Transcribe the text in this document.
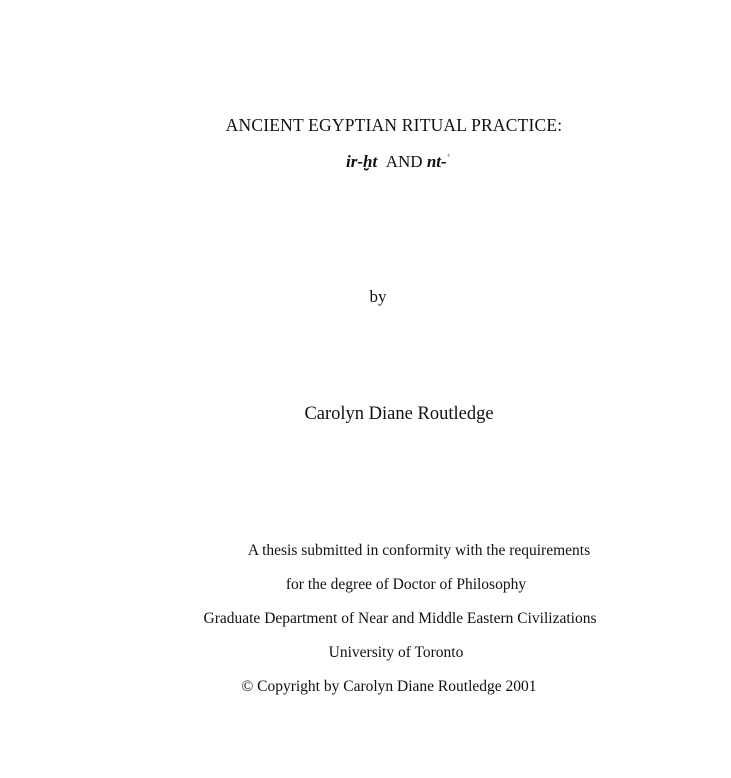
ANCIENT EGYPTIAN RITUAL PRACTICE:
ir-ḫt AND nt-$^ᶜ$
by
Carolyn Diane Routledge
A thesis submitted in conformity with the requirements
for the degree of Doctor of Philosophy
Graduate Department of Near and Middle Eastern Civilizations
University of Toronto
© Copyright by Carolyn Diane Routledge 2001
